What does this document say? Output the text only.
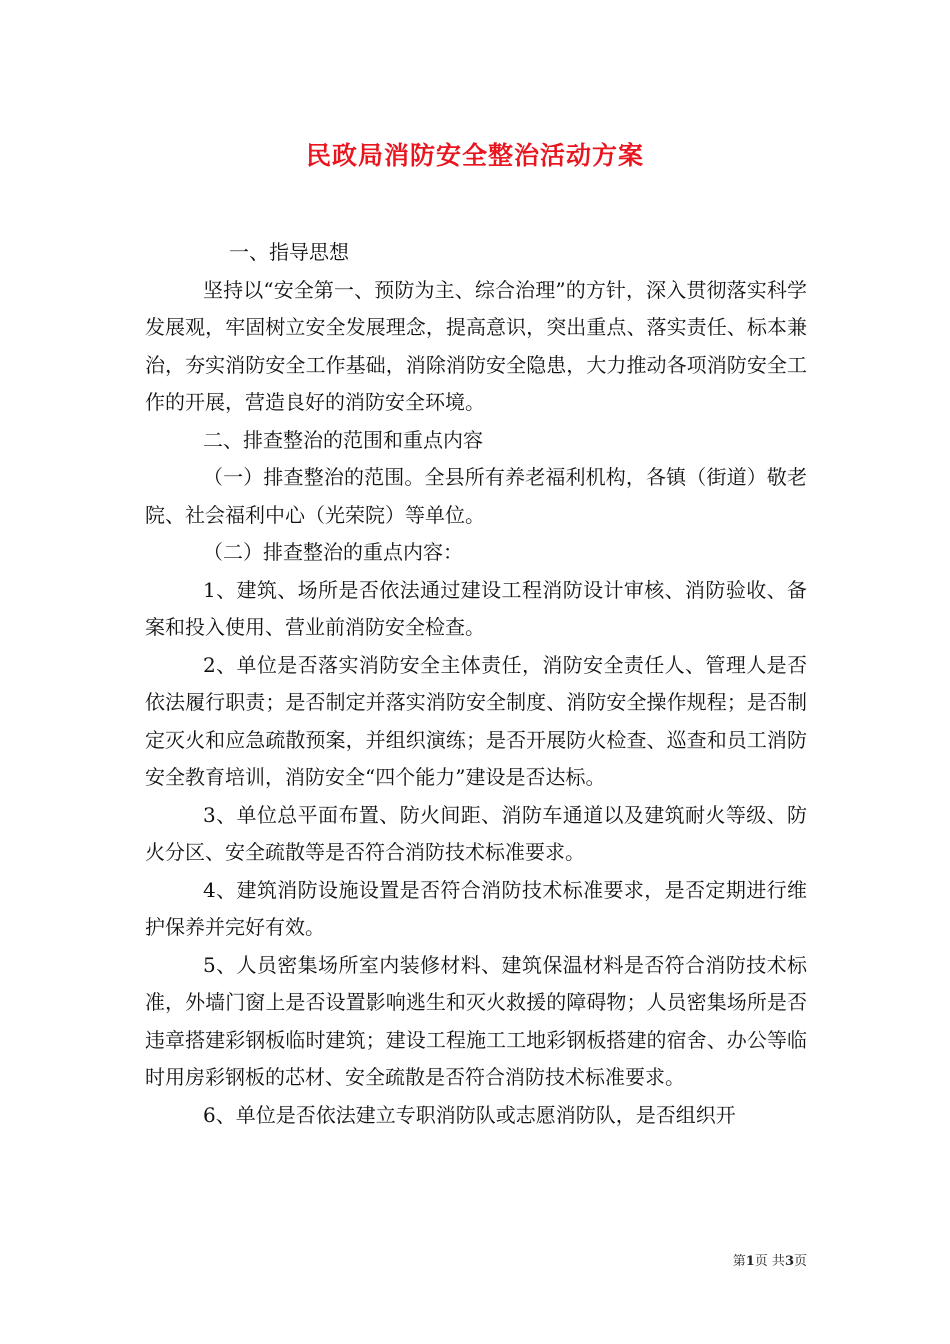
民政局消防安全整治活动方案

一、指导思想

坚持以“安全第一、预防为主、综合治理”的方针，深入贯彻落实科学发展观，牢固树立安全发展理念，提高意识，突出重点、落实责任、标本兼治，夯实消防安全工作基础，消除消防安全隐患，大力推动各项消防安全工作的开展，营造良好的消防安全环境。

二、排查整治的范围和重点内容

（一）排查整治的范围。全县所有养老福利机构，各镇（街道）敬老院、社会福利中心（光荣院）等单位。

（二）排查整治的重点内容：

1、建筑、场所是否依法通过建设工程消防设计审核、消防验收、备案和投入使用、营业前消防安全检查。

2、单位是否落实消防安全主体责任，消防安全责任人、管理人是否依法履行职责；是否制定并落实消防安全制度、消防安全操作规程；是否制定灭火和应急疏散预案，并组织演练；是否开展防火检查、巡查和员工消防安全教育培训，消防安全“四个能力”建设是否达标。

3、单位总平面布置、防火间距、消防车通道以及建筑耐火等级、防火分区、安全疏散等是否符合消防技术标准要求。

4、建筑消防设施设置是否符合消防技术标准要求，是否定期进行维护保养并完好有效。

5、人员密集场所室内装修材料、建筑保温材料是否符合消防技术标准，外墙门窗上是否设置影响逃生和灭火救援的障碍物；人员密集场所是否违章搭建彩钢板临时建筑；建设工程施工工地彩钢板搭建的宿舍、办公等临时用房彩钢板的芯材、安全疏散是否符合消防技术标准要求。

6、单位是否依法建立专职消防队或志愿消防队，是否组织开

第1页 共3页
